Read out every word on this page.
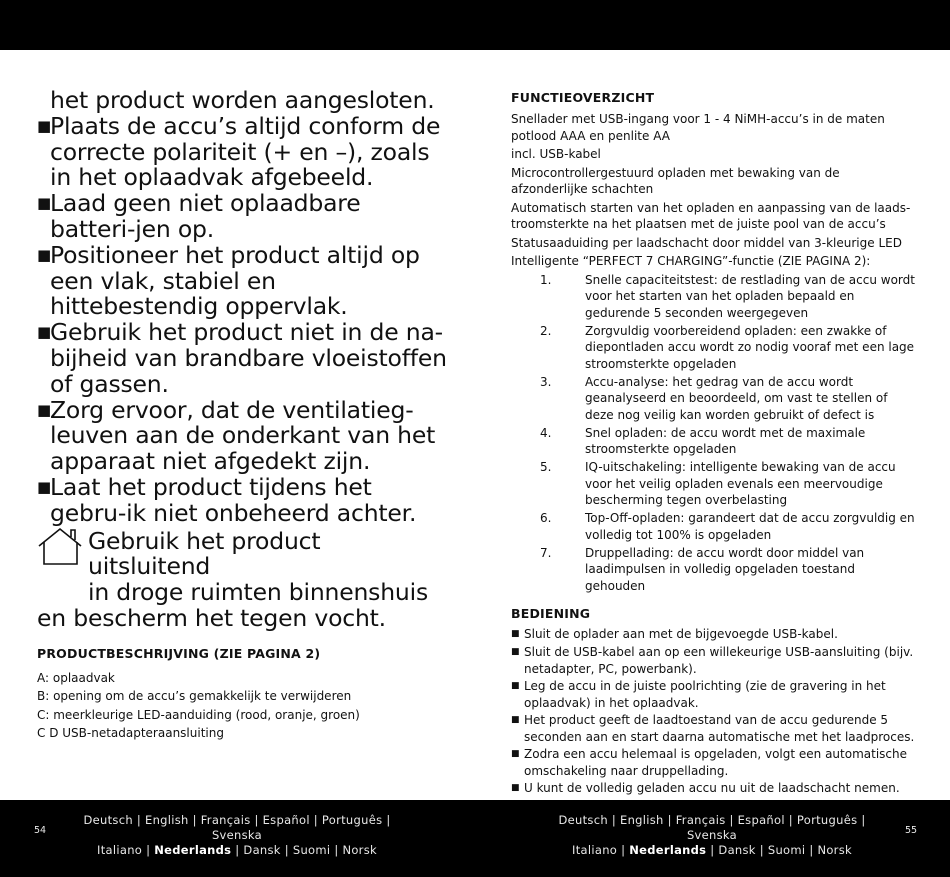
het product worden aangesloten.
■ Plaats de accu’s altijd conform de correcte polariteit (+ en –), zoals in het oplaadvak afgebeeld.
■ Laad geen niet oplaadbare batteri-jen op.
■ Positioneer het product altijd op een vlak, stabiel en hittebestendig oppervlak.
■ Gebruik het product niet in de na-bijheid van brandbare vloeistoffen of gassen.
■ Zorg ervoor, dat de ventilatieg-leuven aan de onderkant van het apparaat niet afgedekt zijn.
■ Laat het product tijdens het gebru-ik niet onbeheerd achter.
Gebruik het product uitsluitend
in droge ruimten binnenshuis
en bescherm het tegen vocht.
PRODUCTBESCHRIJVING (ZIE PAGINA 2)
A: oplaadvak
B: opening om de accu’s gemakkelijk te verwijderen
C: meerkleurige LED-aanduiding (rood, oranje, groen)
C D USB-netadapteraansluiting
FUNCTIEOVERZICHT

Snellader met USB-ingang voor 1 - 4 NiMH-accu’s in de maten potlood AAA en penlite AA

incl. USB-kabel

Microcontrollergestuurd opladen met bewaking van de afzonderlijke schachten

Automatisch starten van het opladen en aanpassing van de laads-troomsterkte na het plaatsen met de juiste pool van de accu’s

Statusaaduiding per laadschacht door middel van 3-kleurige LED

Intelligente “PERFECT 7 CHARGING”-functie (ZIE PAGINA 2):

1.	Snelle capaciteitstest: de restlading van de accu wordt voor het starten van het opladen bepaald en gedurende 5 seconden weergegeven
2.	Zorgvuldig voorbereidend opladen: een zwakke of diepontladen accu wordt zo nodig vooraf met een lage stroomsterkte opgeladen
3.	Accu-analyse: het gedrag van de accu wordt geanalyseerd en beoordeeld, om vast te stellen of deze nog veilig kan worden gebruikt of defect is
4.	Snel opladen: de accu wordt met de maximale stroomsterkte opgeladen
5.	IQ-uitschakeling: intelligente bewaking van de accu voor het veilig opladen evenals een meervoudige bescherming tegen overbelasting
6.	Top-Off-opladen: garandeert dat de accu zorgvuldig en volledig tot 100% is opgeladen
7.	Druppellading: de accu wordt door middel van laadimpulsen in volledig opgeladen toestand gehouden
BEDIENING
■ Sluit de oplader aan met de bijgevoegde USB-kabel.
■ Sluit de USB-kabel aan op een willekeurige USB-aansluiting (bijv. netadapter, PC, powerbank).
■ Leg de accu in de juiste poolrichting (zie de gravering in het oplaadvak) in het oplaadvak.
■ Het product geeft de laadtoestand van de accu gedurende 5 seconden aan en start daarna automatische met het laadproces.
■ Zodra een accu helemaal is opgeladen, volgt een automatische omschakeling naar druppellading.
■ U kunt de volledig geladen accu nu uit de laadschacht nemen.
54
Deutsch | English | Français | Español | Português | Svenska
Italiano | Nederlands | Dansk | Suomi | Norsk
Deutsch | English | Français | Español | Português | Svenska
Italiano | Nederlands | Dansk | Suomi | Norsk
55
